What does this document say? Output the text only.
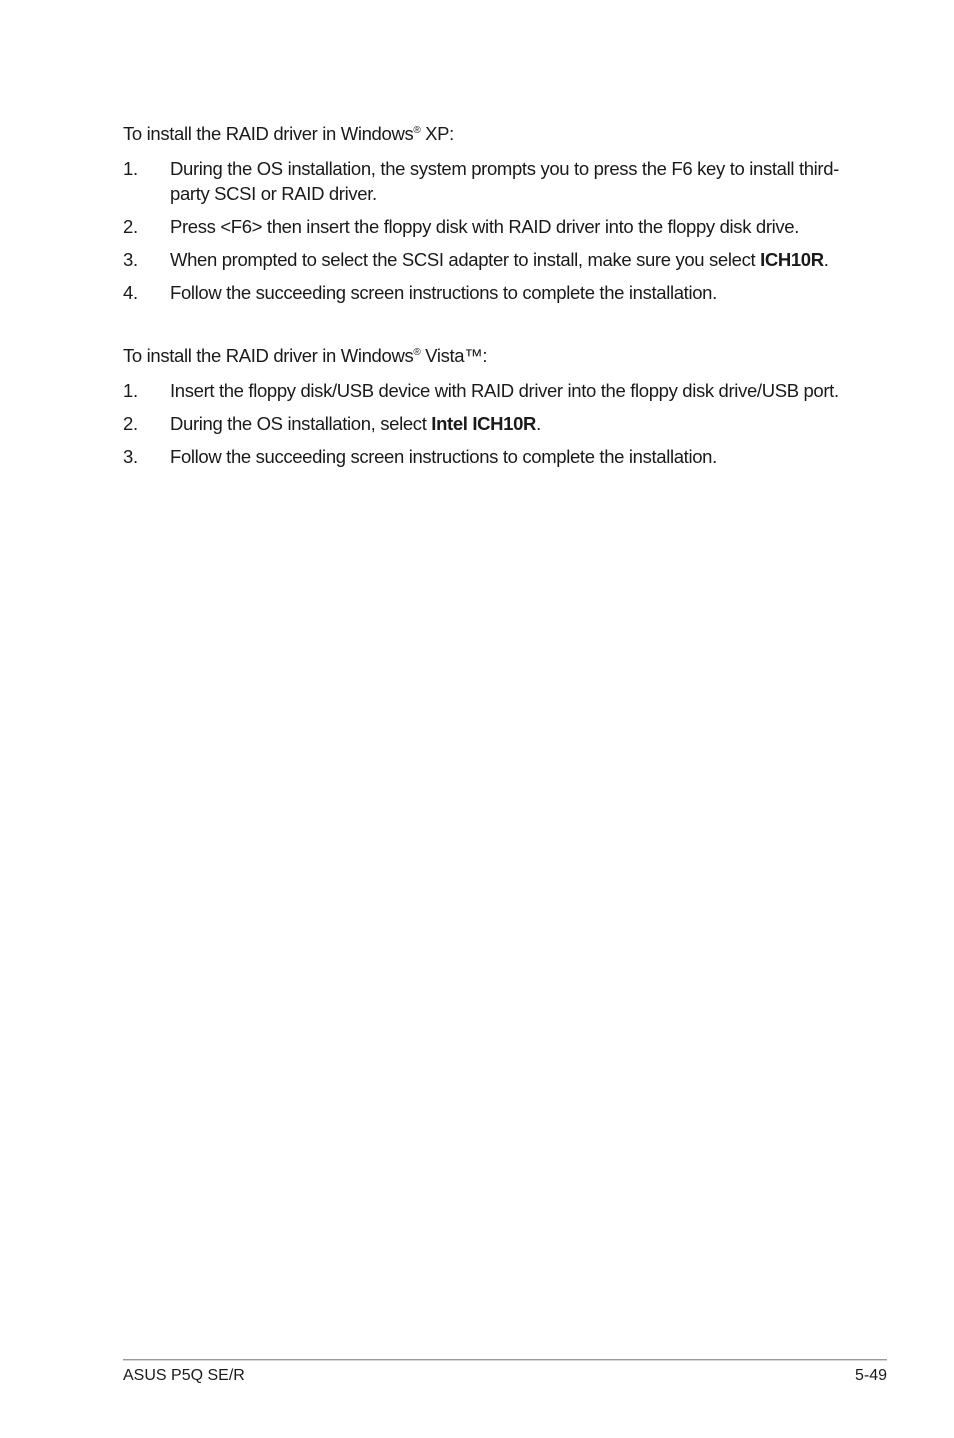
To install the RAID driver in Windows® XP:

1.	During the OS installation, the system prompts you to press the F6 key to install third-party SCSI or RAID driver.
2.	Press <F6> then insert the floppy disk with RAID driver into the floppy disk drive.
3.	When prompted to select the SCSI adapter to install, make sure you select ICH10R.
4.	Follow the succeeding screen instructions to complete the installation.

To install the RAID driver in Windows® Vista™:

1.	Insert the floppy disk/USB device with RAID driver into the floppy disk drive/USB port.
2.	During the OS installation, select Intel ICH10R.
3.	Follow the succeeding screen instructions to complete the installation.
ASUS P5Q SE/R	5-49
